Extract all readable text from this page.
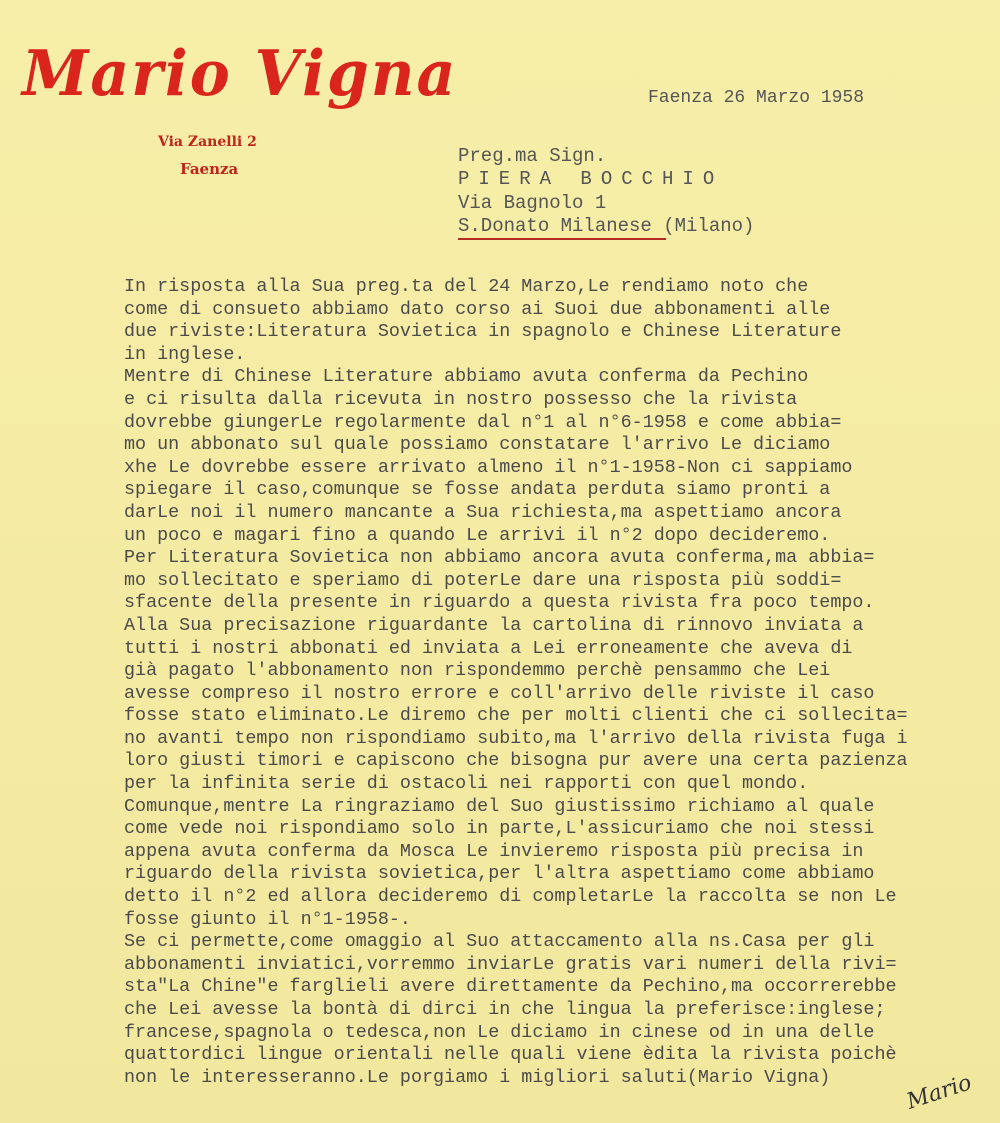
Mario Vigna
Via Zanelli 2
Faenza
Faenza 26 Marzo 1958
Preg.ma Sign.
PIERA BOCCHIO
Via Bagnolo 1
S.Donato Milanese (Milano)
In risposta alla Sua preg.ta del 24 Marzo,Le rendiamo noto che
come di consueto abbiamo dato corso ai Suoi due abbonamenti alle
due riviste:Literatura Sovietica in spagnolo e Chinese Literature
in inglese.
Mentre di Chinese Literature abbiamo avuta conferma da Pechino
e ci risulta dalla ricevuta in nostro possesso che la rivista
dovrebbe giungerLe regolarmente dal n°1 al n°6-1958 e come abbia=
mo un abbonato sul quale possiamo constatare l'arrivo Le diciamo
xhe Le dovrebbe essere arrivato almeno il n°1-1958-Non ci sappiamo
spiegare il caso,comunque se fosse andata perduta siamo pronti a
darLe noi il numero mancante a Sua richiesta,ma aspettiamo ancora
un poco e magari fino a quando Le arrivi il n°2 dopo decideremo.
Per Literatura Sovietica non abbiamo ancora avuta conferma,ma abbia=
mo sollecitato e speriamo di poterLe dare una risposta più soddi=
sfacente della presente in riguardo a questa rivista fra poco tempo.
Alla Sua precisazione riguardante la cartolina di rinnovo inviata a
tutti i nostri abbonati ed inviata a Lei erroneamente che aveva di
già pagato l'abbonamento non rispondemmo perchè pensammo che Lei
avesse compreso il nostro errore e coll'arrivo delle riviste il caso
fosse stato eliminato.Le diremo che per molti clienti che ci sollecita=
no avanti tempo non rispondiamo subito,ma l'arrivo della rivista fuga i
loro giusti timori e capiscono che bisogna pur avere una certa pazienza
per la infinita serie di ostacoli nei rapporti con quel mondo.
Comunque,mentre La ringraziamo del Suo giustissimo richiamo al quale
come vede noi rispondiamo solo in parte,L'assicuriamo che noi stessi
appena avuta conferma da Mosca Le invieremo risposta più precisa in
riguardo della rivista sovietica,per l'altra aspettiamo come abbiamo
detto il n°2 ed allora decideremo di completarLe la raccolta se non Le
fosse giunto il n°1-1958-.
Se ci permette,come omaggio al Suo attaccamento alla ns.Casa per gli
abbonamenti inviatici,vorremmo inviarLe gratis vari numeri della rivi=
sta"La Chine"e farglieli avere direttamente da Pechino,ma occorrerebbe
che Lei avesse la bontà di dirci in che lingua la preferisce:inglese;
francese,spagnola o tedesca,non Le diciamo in cinese od in una delle
quattordici lingue orientali nelle quali viene èdita la rivista poichè
non le interesseranno.Le porgiamo i migliori saluti(Mario Vigna)	Mario
